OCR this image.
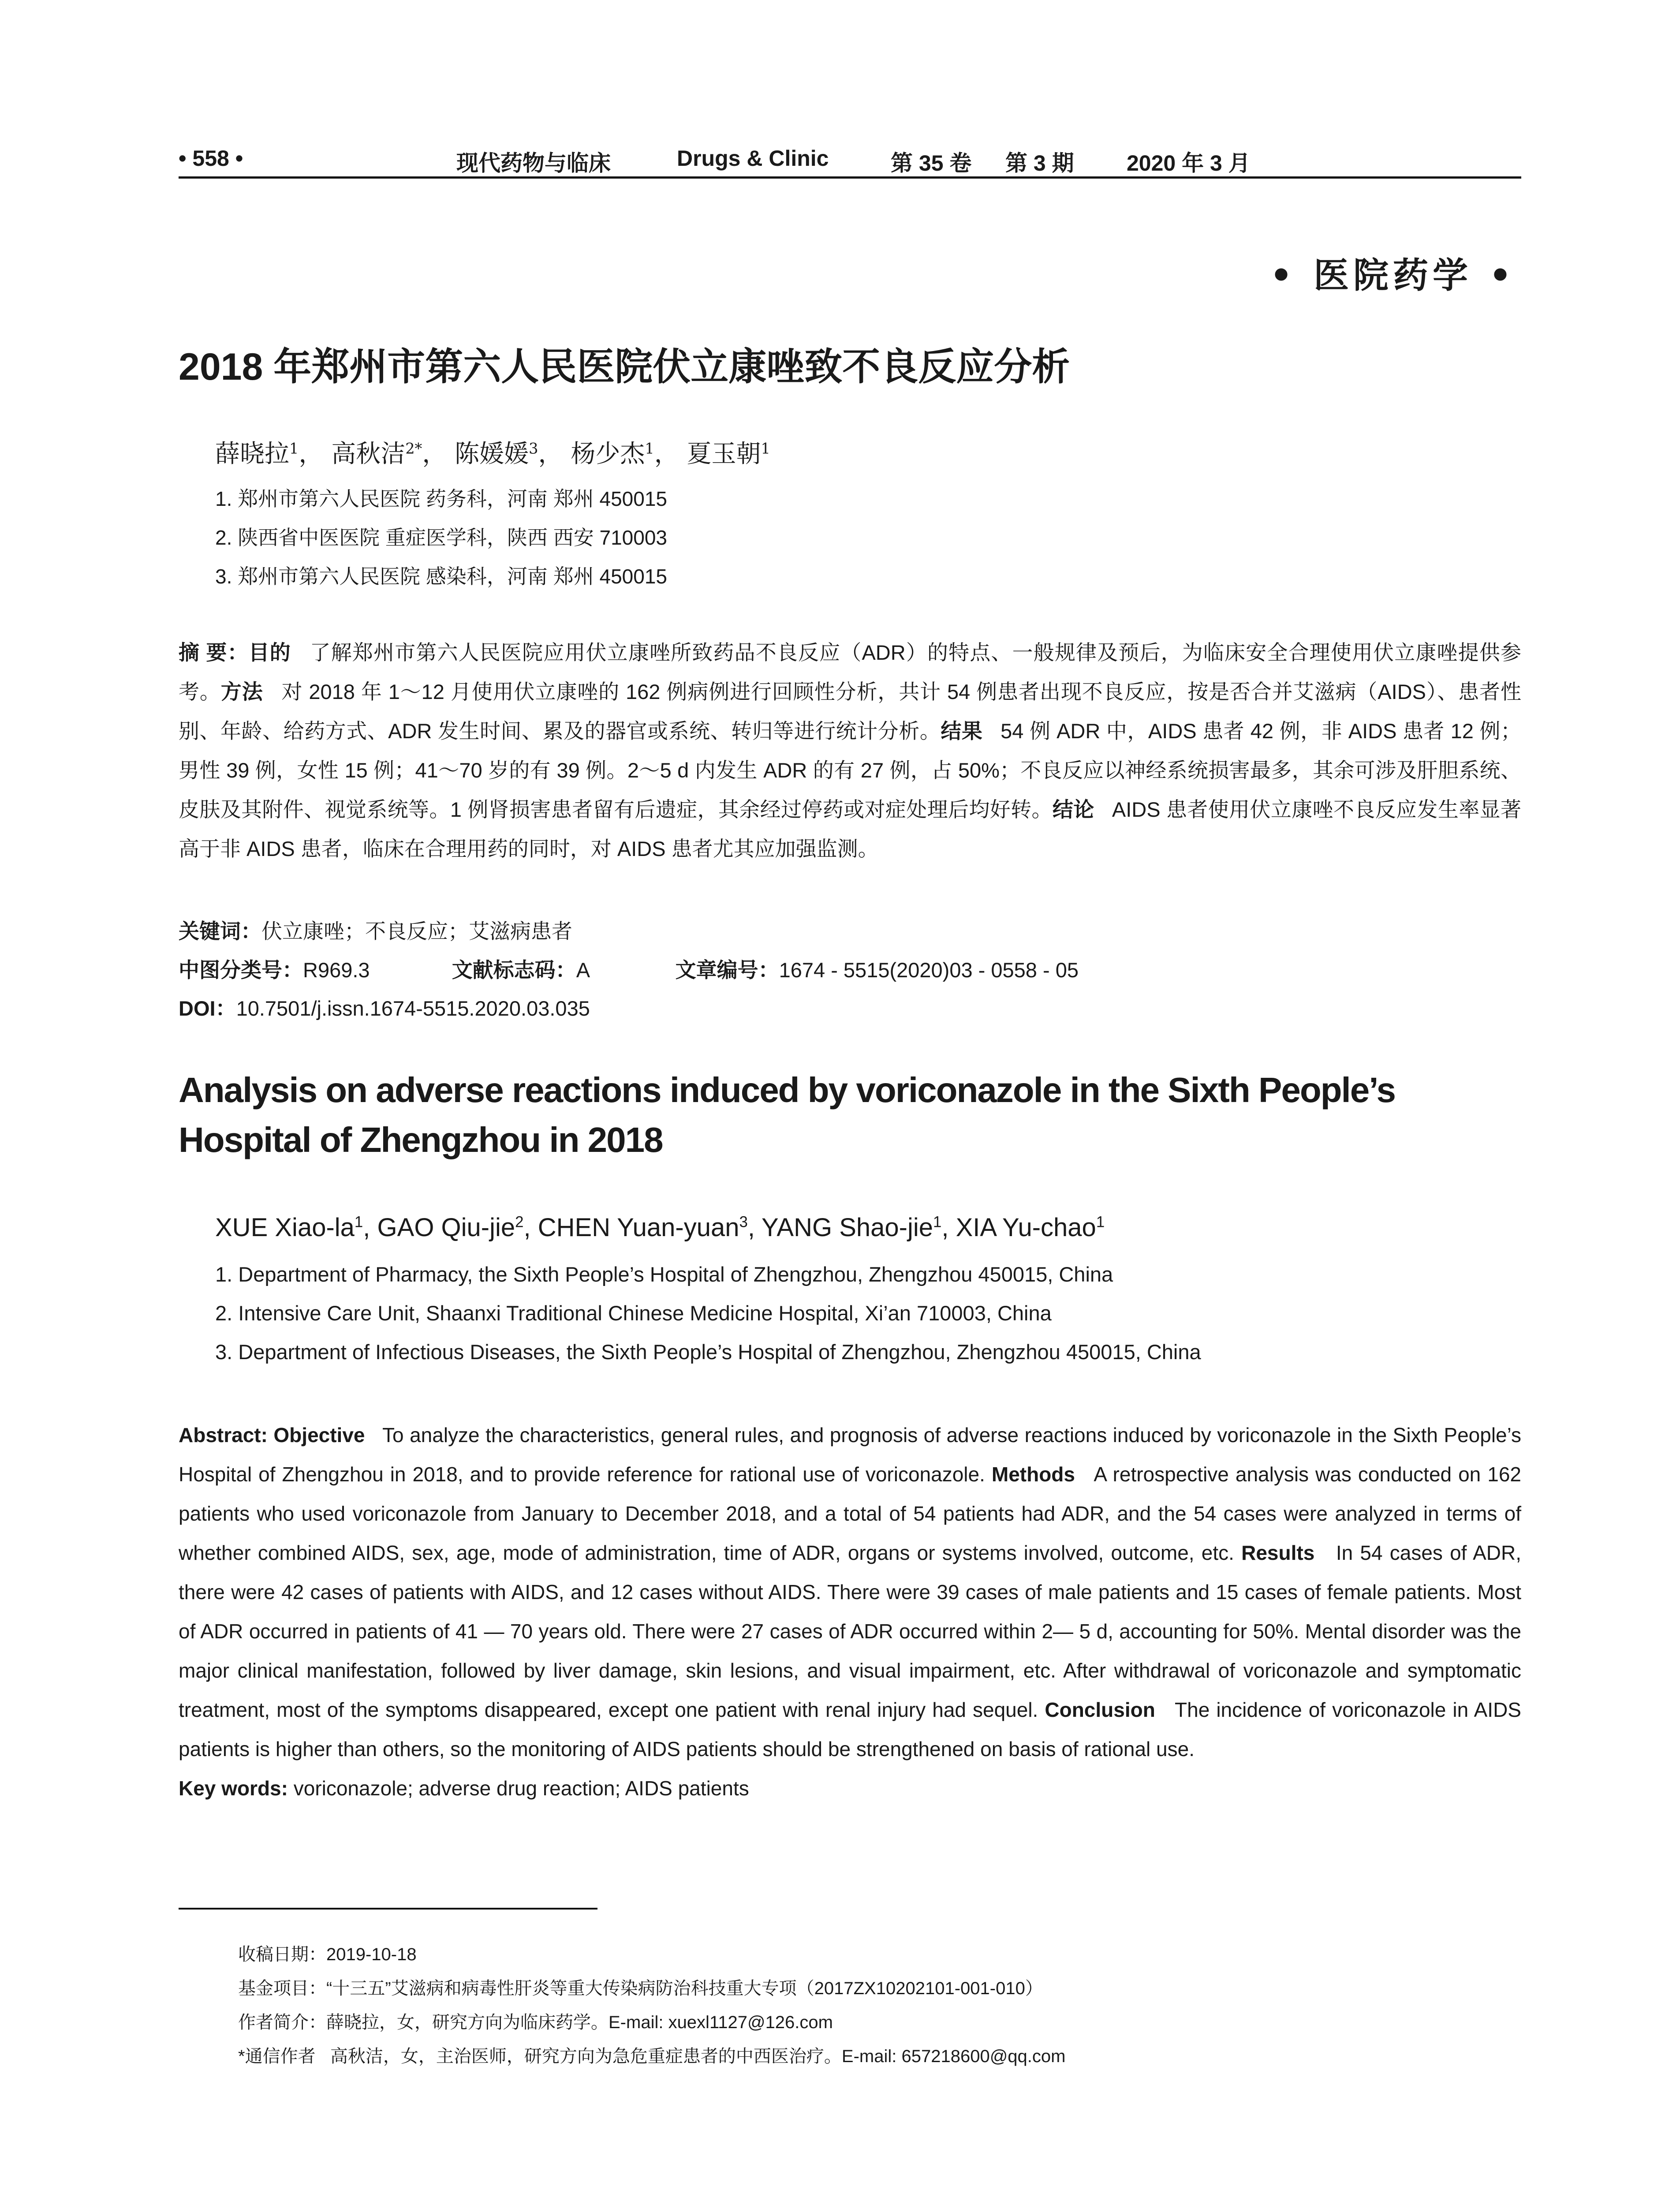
• 558 •	现代药物与临床	Drugs & Clinic	第 35 卷 第 3 期 2020 年 3 月
• 医院药学 •
2018 年郑州市第六人民医院伏立康唑致不良反应分析
薛晓拉$^1$， 高秋洁$^{2*}$， 陈媛媛$^3$， 杨少杰$^1$， 夏玉朝$^1$
1. 郑州市第六人民医院 药务科，河南 郑州 450015
2. 陕西省中医医院 重症医学科，陕西 西安 710003
3. 郑州市第六人民医院 感染科，河南 郑州 450015
摘 要：目的 了解郑州市第六人民医院应用伏立康唑所致药品不良反应（ADR）的特点、一般规律及预后，为临床安全合理使用伏立康唑提供参考。方法 对 2018 年 1～12 月使用伏立康唑的 162 例病例进行回顾性分析，共计 54 例患者出现不良反应，按是否合并艾滋病（AIDS）、患者性别、年龄、给药方式、ADR 发生时间、累及的器官或系统、转归等进行统计分析。结果 54 例 ADR 中，AIDS 患者 42 例，非 AIDS 患者 12 例；男性 39 例，女性 15 例；41～70 岁的有 39 例。2～5 d 内发生 ADR 的有 27 例，占 50%；不良反应以神经系统损害最多，其余可涉及肝胆系统、皮肤及其附件、视觉系统等。1 例肾损害患者留有后遗症，其余经过停药或对症处理后均好转。结论 AIDS 患者使用伏立康唑不良反应发生率显著高于非 AIDS 患者，临床在合理用药的同时，对 AIDS 患者尤其应加强监测。
关键词：伏立康唑；不良反应；艾滋病患者
中图分类号：R969.3	文献标志码：A	文章编号：1674 - 5515(2020)03 - 0558 - 05
DOI：10.7501/j.issn.1674-5515.2020.03.035
Analysis on adverse reactions induced by voriconazole in the Sixth People’s Hospital of Zhengzhou in 2018
XUE Xiao-$la^1$, GAO Qiu-jie$^2$, CHEN Yuan-yuan$^3$, YANG Shao-jie$^1$, XIA Yu-chao$^1$
1. Department of Pharmacy, the Sixth People’s Hospital of Zhengzhou, Zhengzhou 450015, China
2. Intensive Care Unit, Shaanxi Traditional Chinese Medicine Hospital, Xi’an 710003, China
3. Department of Infectious Diseases, the Sixth People’s Hospital of Zhengzhou, Zhengzhou 450015, China
Abstract: Objective To analyze the characteristics, general rules, and prognosis of adverse reactions induced by voriconazole in the Sixth People’s Hospital of Zhengzhou in 2018, and to provide reference for rational use of voriconazole. Methods A retrospective analysis was conducted on 162 patients who used voriconazole from January to December 2018, and a total of 54 patients had ADR, and the 54 cases were analyzed in terms of whether combined AIDS, sex, age, mode of administration, time of ADR, organs or systems involved, outcome, etc. Results In 54 cases of ADR, there were 42 cases of patients with AIDS, and 12 cases without AIDS. There were 39 cases of male patients and 15 cases of female patients. Most of ADR occurred in patients of 41 — 70 years old. There were 27 cases of ADR occurred within 2— 5 d, accounting for 50%. Mental disorder was the major clinical manifestation, followed by liver damage, skin lesions, and visual impairment, etc. After withdrawal of voriconazole and symptomatic treatment, most of the symptoms disappeared, except one patient with renal injury had sequel. Conclusion The incidence of voriconazole in AIDS patients is higher than others, so the monitoring of AIDS patients should be strengthened on basis of rational use.
Key words: voriconazole; adverse drug reaction; AIDS patients
收稿日期：2019-10-18
基金项目：“十三五”艾滋病和病毒性肝炎等重大传染病防治科技重大专项（2017ZX10202101-001-010）
作者简介：薛晓拉，女，研究方向为临床药学。E-mail: xuexl1127@126.com
*通信作者 高秋洁，女，主治医师，研究方向为急危重症患者的中西医治疗。E-mail: 657218600@qq.com
